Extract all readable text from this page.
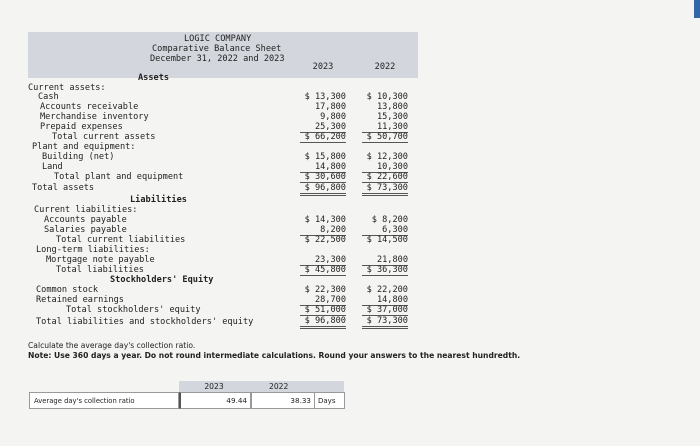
LOGIC COMPANY
Comparative Balance Sheet
December 31, 2022 and 2023
2023	2022
Assets
Current assets:
Cash	$ 13,300	$ 10,300
Accounts receivable	17,800	13,800
Merchandise inventory	9,800	15,300
Prepaid expenses	25,300	11,300
Total current assets	$ 66,200	$ 50,700
Plant and equipment:
Building (net)	$ 15,800	$ 12,300
Land	14,800	10,300
Total plant and equipment	$ 30,600	$ 22,600
Total assets	$ 96,800	$ 73,300
Liabilities
Current liabilities:
Accounts payable	$ 14,300	$ 8,200
Salaries payable	8,200	6,300
Total current liabilities	$ 22,500	$ 14,500
Long-term liabilities:
Mortgage note payable	23,300	21,800
Total liabilities	$ 45,800	$ 36,300
Stockholders' Equity
Common stock	$ 22,300	$ 22,200
Retained earnings	28,700	14,800
Total stockholders' equity	$ 51,000	$ 37,000
Total liabilities and stockholders' equity	$ 96,800	$ 73,300
Calculate the average day's collection ratio.
Note: Use 360 days a year. Do not round intermediate calculations. Round your answers to the nearest hundredth.
2023	2022
Average day's collection ratio	49.44	38.33	Days
